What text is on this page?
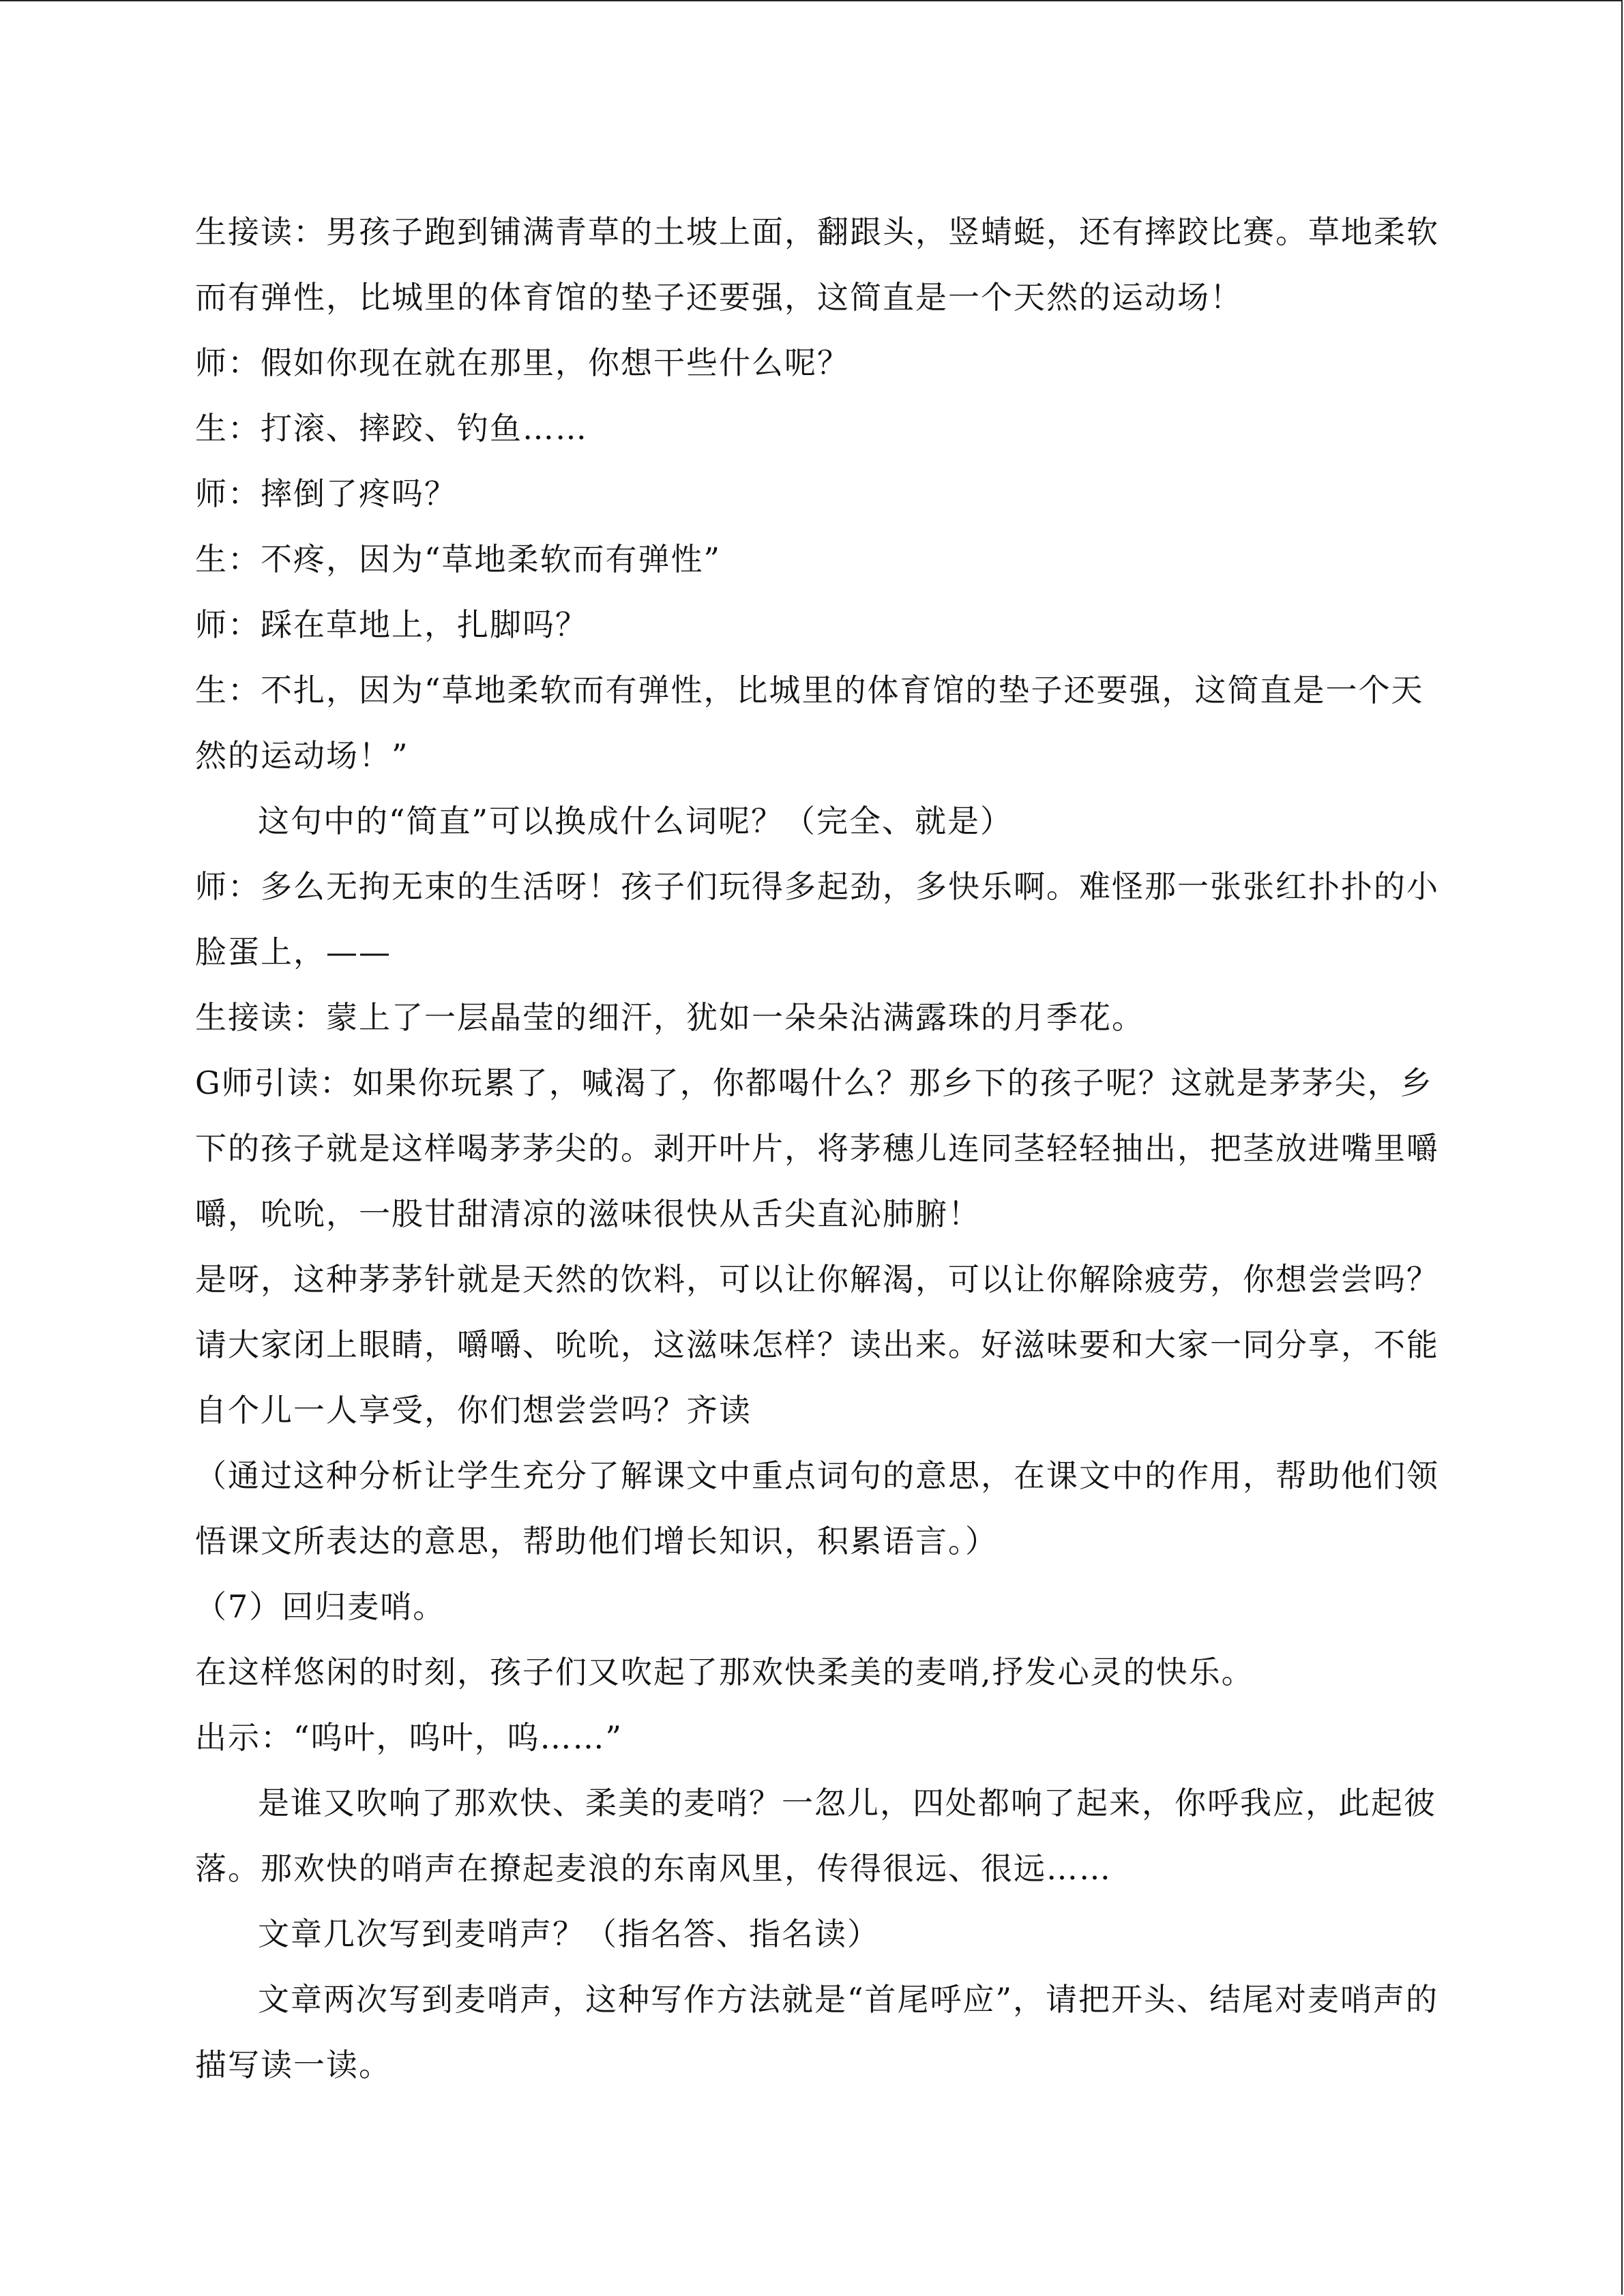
生接读：男孩子跑到铺满青草的土坡上面，翻跟头，竖蜻蜓，还有摔跤比赛。草地柔软而有弹性，比城里的体育馆的垫子还要强，这简直是一个天然的运动场！

师：假如你现在就在那里，你想干些什么呢？

生：打滚、摔跤、钓鱼……

师：摔倒了疼吗？

生：不疼，因为“草地柔软而有弹性”

师：踩在草地上，扎脚吗？

生：不扎，因为“草地柔软而有弹性，比城里的体育馆的垫子还要强，这简直是一个天然的运动场！”

这句中的“简直”可以换成什么词呢？（完全、就是）

师：多么无拘无束的生活呀！孩子们玩得多起劲，多快乐啊。难怪那一张张红扑扑的小脸蛋上，——

生接读：蒙上了一层晶莹的细汗，犹如一朵朵沾满露珠的月季花。

G师引读：如果你玩累了，喊渴了，你都喝什么？那乡下的孩子呢？这就是茅茅尖，乡下的孩子就是这样喝茅茅尖的。剥开叶片，将茅穗儿连同茎轻轻抽出，把茎放进嘴里嚼嚼，吮吮，一股甘甜清凉的滋味很快从舌尖直沁肺腑！

是呀，这种茅茅针就是天然的饮料，可以让你解渴，可以让你解除疲劳，你想尝尝吗？请大家闭上眼睛，嚼嚼、吮吮，这滋味怎样？读出来。好滋味要和大家一同分享，不能自个儿一人享受，你们想尝尝吗？齐读

（通过这种分析让学生充分了解课文中重点词句的意思，在课文中的作用，帮助他们领悟课文所表达的意思，帮助他们增长知识，积累语言。）

（7）回归麦哨。

在这样悠闲的时刻，孩子们又吹起了那欢快柔美的麦哨,抒发心灵的快乐。

出示：“呜叶，呜叶，呜……”

是谁又吹响了那欢快、柔美的麦哨？一忽儿，四处都响了起来，你呼我应，此起彼落。那欢快的哨声在撩起麦浪的东南风里，传得很远、很远……

文章几次写到麦哨声？（指名答、指名读）

文章两次写到麦哨声，这种写作方法就是“首尾呼应”，请把开头、结尾对麦哨声的描写读一读。
